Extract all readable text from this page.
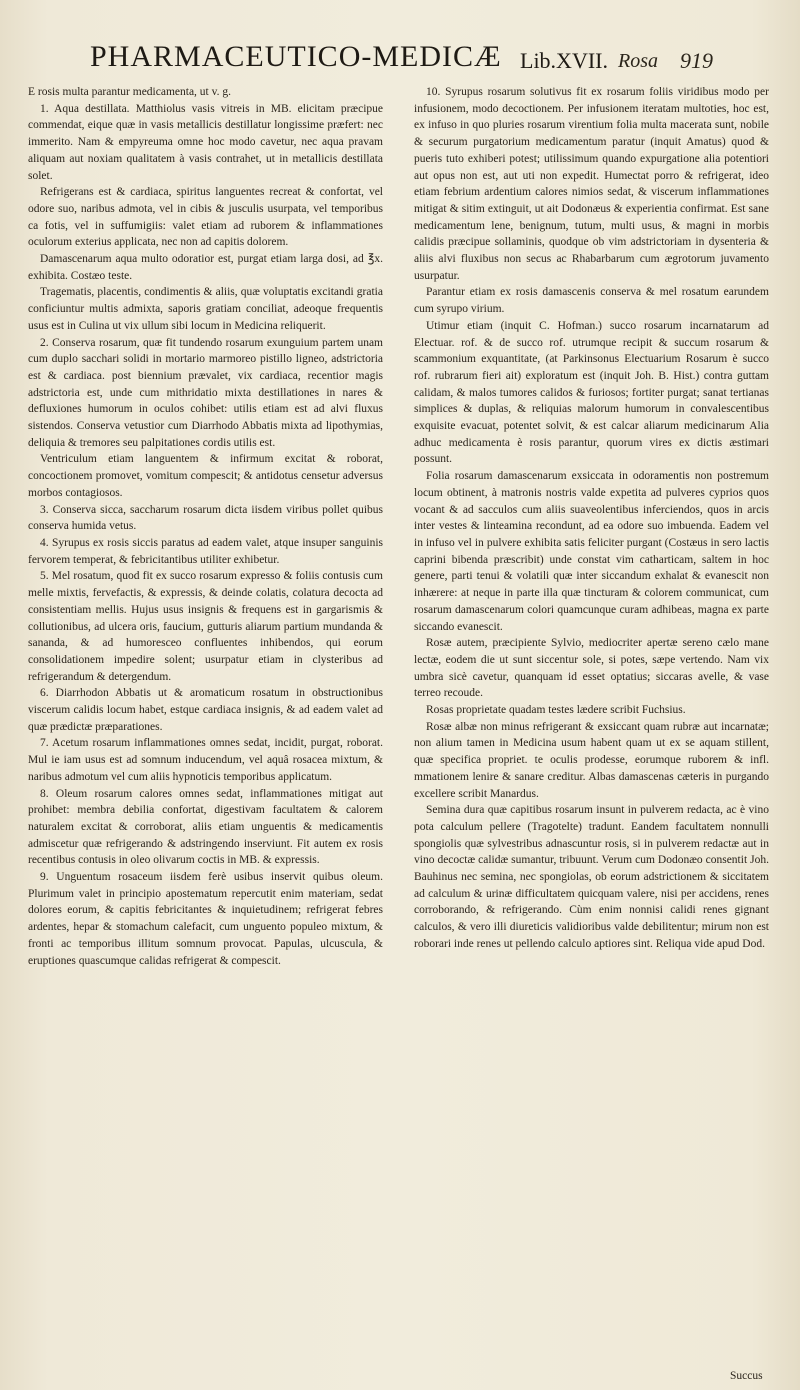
PHARMACEUTICO-MEDICÆ Lib.XVII. Rosa 919

E rosis multa parantur medicamenta, ut v. g.

1. Aqua destillata. Matthiolus vasis vitreis in MB. elicitam præcipue commendat, eique quæ in vasis metallicis destillatur longissime præfert: nec immerito. Nam & empyreuma omne hoc modo cavetur, nec aqua pravam aliquam aut noxiam qualitatem à vasis contrahet, ut in metallicis destillata solet.

Refrigerans est & cardiaca, spiritus languentes recreat & confortat, vel odore suo, naribus admota, vel in cibis & jusculis usurpata, vel temporibus ca fotis, vel in suffumigiis: valet etiam ad ruborem & inflammationes oculorum exterius applicata, nec non ad capitis dolorem.

Damascenarum aqua multo odoratior est, purgat etiam larga dosi, ad ℥x. exhibita. Costæo teste.

Tragematis, placentis, condimentis & aliis, quæ voluptatis excitandi gratia conficiuntur multis admixta, saporis gratiam conciliat, adeoque frequentis usus est in Culina ut vix ullum sibi locum in Medicina reliquerit.

2. Conserva rosarum, quæ fit tundendo rosarum exunguium partem unam cum duplo sacchari solidi in mortario marmoreo pistillo ligneo, adstrictoria est & cardiaca. post biennium prævalet, vix cardiaca, recentior magis adstrictoria est, unde cum mithridatio mixta destillationes in nares & defluxiones humorum in oculos cohibet: utilis etiam est ad alvi fluxus sistendos. Conserva vetustior cum Diarrhodo Abbatis mixta ad lipothymias, deliquia & tremores seu palpitationes cordis utilis est.

Ventriculum etiam languentem & infirmum excitat & roborat, concoctionem promovet, vomitum compescit; & antidotus censetur adversus morbos contagiosos.

3. Conserva sicca, saccharum rosarum dicta iisdem viribus pollet quibus conserva humida vetus.

4. Syrupus ex rosis siccis paratus ad eadem valet, atque insuper sanguinis fervorem temperat, & febricitantibus utiliter exhibetur.

5. Mel rosatum, quod fit ex succo rosarum expresso & foliis contusis cum melle mixtis, fervefactis, & expressis, & deinde colatis, colatura decocta ad consistentiam mellis. Hujus usus insignis & frequens est in gargarismis & collutionibus, ad ulcera oris, faucium, gutturis aliarum partium mundanda & sananda, & ad humoresceo confluentes inhibendos, qui eorum consolidationem impedire solent; usurpatur etiam in clysteribus ad refrigerandum & detergendum.

6. Diarrhodon Abbatis ut & aromaticum rosatum in obstructionibus viscerum calidis locum habet, estque cardiaca insignis, & ad eadem valet ad quæ prædictæ præparationes.

7. Acetum rosarum inflammationes omnes sedat, incidit, purgat, roborat. Mul ie iam usus est ad somnum inducendum, vel aquâ rosacea mixtum, & naribus admotum vel cum aliis hypnoticis temporibus applicatum.

8. Oleum rosarum calores omnes sedat, inflammationes mitigat aut prohibet: membra debilia confortat, digestivam facultatem & calorem naturalem excitat & corroborat, aliis etiam unguentis & medicamentis admiscetur quæ refrigerando & adstringendo inserviunt. Fit autem ex rosis recentibus contusis in oleo olivarum coctis in MB. & expressis.

9. Unguentum rosaceum iisdem ferè usibus inservit quibus oleum. Plurimum valet in principio apostematum repercutit enim materiam, sedat dolores eorum, & capitis febricitantes & inquietudinem; refrigerat febres ardentes, hepar & stomachum calefacit, cum unguento populeo mixtum, & fronti ac temporibus illitum somnum provocat. Papulas, ulcuscula, & eruptiones quascumque calidas refrigerat & compescit.

10. Syrupus rosarum solutivus fit ex rosarum foliis viridibus modo per infusionem, modo decoctionem. Per infusionem iteratam multoties, hoc est, ex infuso in quo pluries rosarum virentium folia multa macerata sunt, nobile & securum purgatorium medicamentum paratur (inquit Amatus) quod & pueris tuto exhiberi potest; utilissimum quando expurgatione alia potentiori aut opus non est, aut uti non expedit. Humectat porro & refrigerat, ideo etiam febrium ardentium calores nimios sedat, & viscerum inflammationes mitigat & sitim extinguit, ut ait Dodonæus & experientia confirmat. Est sane medicamentum lene, benignum, tutum, multi usus, & magni in morbis calidis præcipue sollaminis, quodque ob vim adstrictoriam in dysenteria & aliis alvi fluxibus non secus ac Rhabarbarum cum ægrotorum juvamento usurpatur.

Parantur etiam ex rosis damascenis conserva & mel rosatum earundem cum syrupo virium.

Utimur etiam (inquit C. Hofman.) succo rosarum incarnatarum ad Electuar. rof. & de succo rof. utrumque recipit & succum rosarum & scammonium exquantitate, (at Parkinsonus Electuarium Rosarum è succo rof. rubrarum fieri ait) exploratum est (inquit Joh. B. Hist.) contra guttam calidam, & malos tumores calidos & furiosos; fortiter purgat; sanat tertianas simplices & duplas, & reliquias malorum humorum in convalescentibus exquisite evacuat, potentet solvit, & est calcar aliarum medicinarum Alia adhuc medicamenta è rosis parantur, quorum vires ex dictis æstimari possunt.

Folia rosarum damascenarum exsiccata in odoramentis non postremum locum obtinent, à matronis nostris valde expetita ad pulveres cyprios quos vocant & ad sacculos cum aliis suaveolentibus inferciendos, quos in arcis inter vestes & linteamina recondunt, ad ea odore suo imbuenda. Eadem vel in infuso vel in pulvere exhibita satis feliciter purgant (Costæus in sero lactis caprini bibenda præscribit) unde constat vim catharticam, saltem in hoc genere, parti tenui & volatili quæ inter siccandum exhalat & evanescit non inhærere: at neque in parte illa quæ tincturam & colorem communicat, cum rosarum damascenarum colori quamcunque curam adhibeas, magna ex parte siccando evanescit.

Rosæ autem, præcipiente Sylvio, mediocriter apertæ sereno cælo mane lectæ, eodem die ut sunt siccentur sole, si potes, sæpe vertendo. Nam vix umbra sicè cavetur, quanquam id esset optatius; siccaras avelle, & vase terreo recoude.

Rosas proprietate quadam testes lædere scribit Fuchsius.

Rosæ albæ non minus refrigerant & exsiccant quam rubræ aut incarnatæ; non alium tamen in Medicina usum habent quam ut ex se aquam stillent, quæ specifica propriet. te oculis prodesse, eorumque ruborem & infl. mmationem lenire & sanare creditur. Albas damascenas cæteris in purgando excellere scribit Manardus.

Semina dura quæ capitibus rosarum insunt in pulverem redacta, ac è vino pota calculum pellere (Tragotelte) tradunt. Eandem facultatem nonnulli spongiolis quæ sylvestribus adnascuntur rosis, si in pulverem redactæ aut in vino decoctæ calidæ sumantur, tribuunt. Verum cum Dodonæo consentit Joh. Bauhinus nec semina, nec spongiolas, ob eorum adstrictionem & siccitatem ad calculum & urinæ difficultatem quicquam valere, nisi per accidens, renes corroborando, & refrigerando. Cùm enim nonnisi calidi renes gignant calculos, & vero illi diureticis validioribus valde debilitentur; mirum non est roborari inde renes ut pellendo calculo aptiores sint. Reliqua vide apud Dod.

Succus
